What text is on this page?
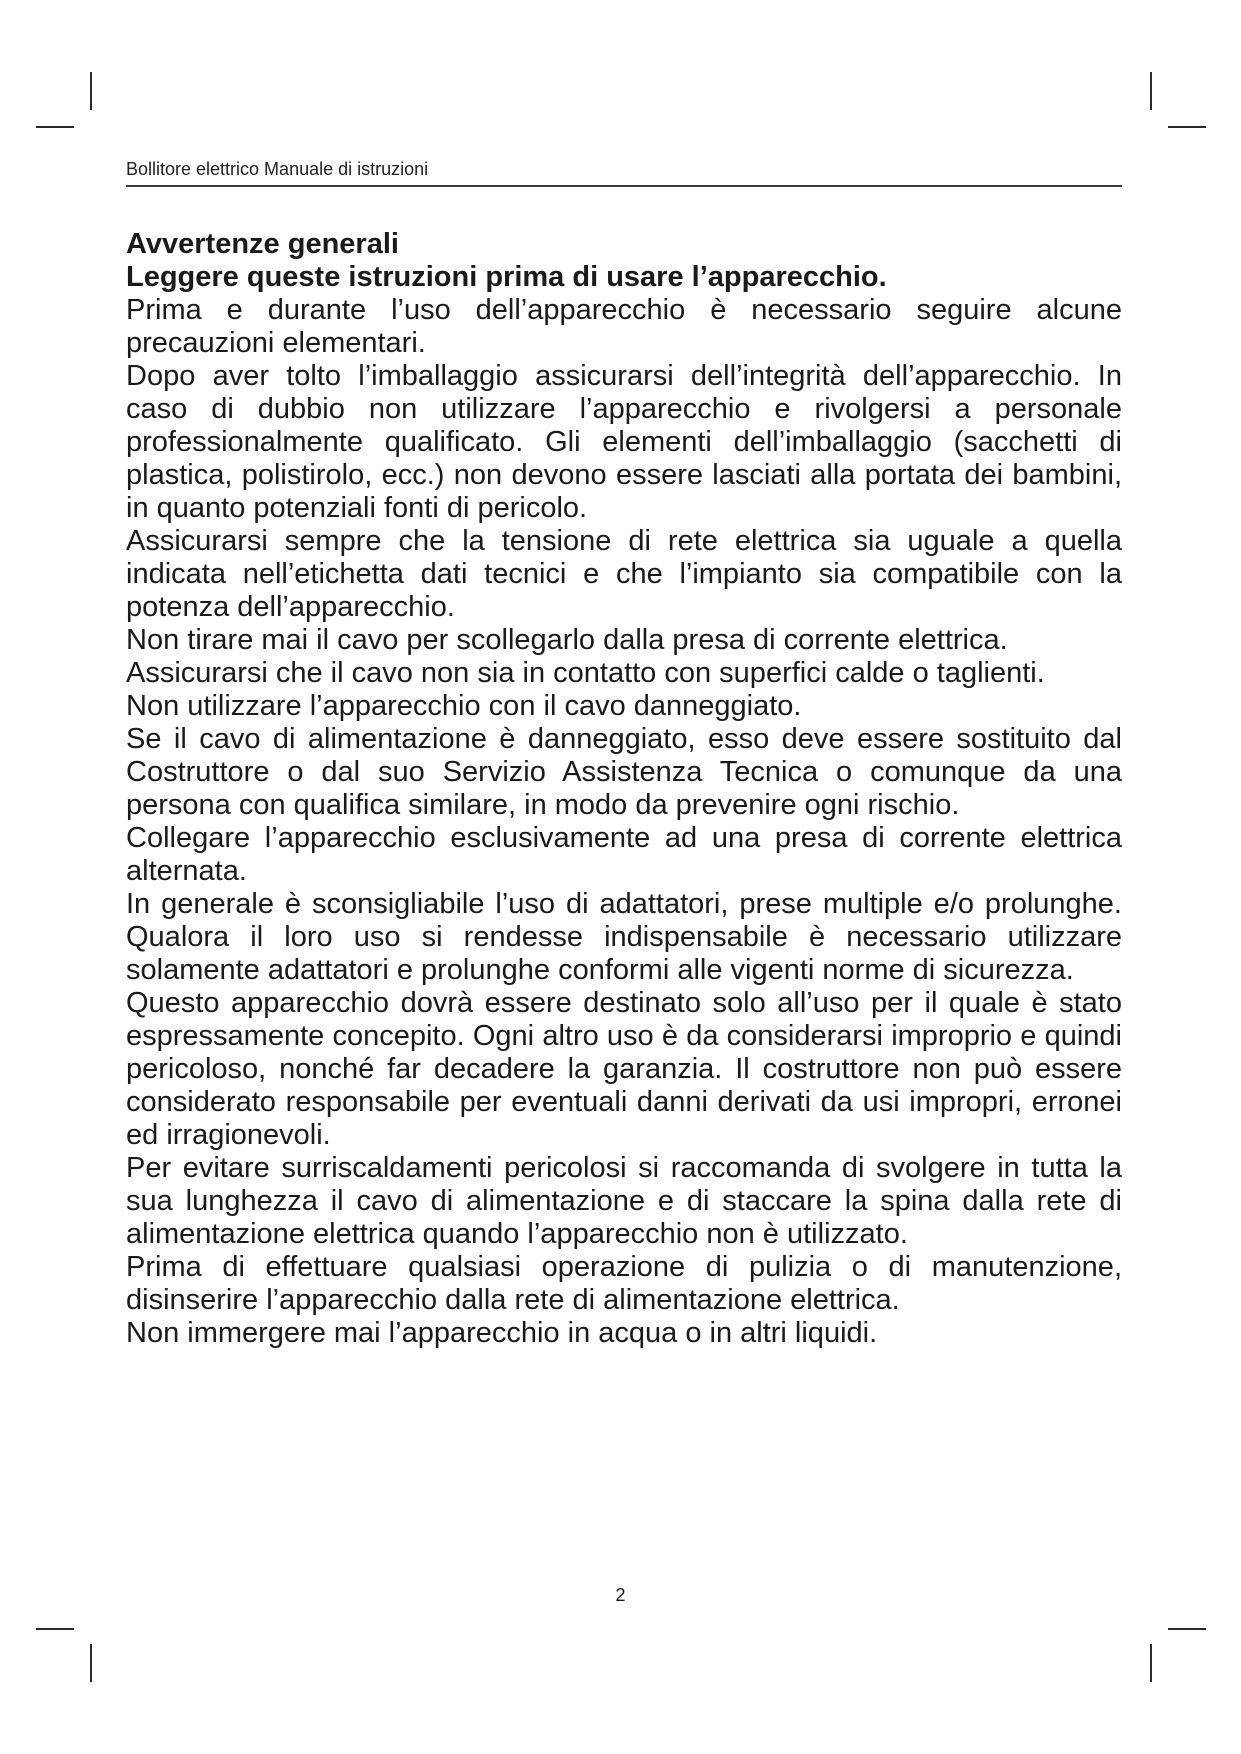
Bollitore elettrico Manuale di istruzioni
Avvertenze generali
Leggere queste istruzioni prima di usare l’apparecchio.

Prima e durante l’uso dell’apparecchio è necessario seguire alcune precauzioni elementari.

Dopo aver tolto l’imballaggio assicurarsi dell’integrità dell’apparecchio. In caso di dubbio non utilizzare l’apparecchio e rivolgersi a personale professionalmente qualificato. Gli elementi dell’imballaggio (sacchetti di plastica, polistirolo, ecc.) non devono essere lasciati alla portata dei bambini, in quanto potenziali fonti di pericolo.

Assicurarsi sempre che la tensione di rete elettrica sia uguale a quella indicata nell’etichetta dati tecnici e che l’impianto sia compatibile con la potenza dell’apparecchio.

Non tirare mai il cavo per scollegarlo dalla presa di corrente elettrica.

Assicurarsi che il cavo non sia in contatto con superfici calde o taglienti.

Non utilizzare l’apparecchio con il cavo danneggiato.

Se il cavo di alimentazione è danneggiato, esso deve essere sostituito dal Costruttore o dal suo Servizio Assistenza Tecnica o comunque da una persona con qualifica similare, in modo da prevenire ogni rischio.

Collegare l’apparecchio esclusivamente ad una presa di corrente elettrica alternata.

In generale è sconsigliabile l’uso di adattatori, prese multiple e/o prolunghe. Qualora il loro uso si rendesse indispensabile è necessario utilizzare solamente adattatori e prolunghe conformi alle vigenti norme di sicurezza.

Questo apparecchio dovrà essere destinato solo all’uso per il quale è stato espressamente concepito. Ogni altro uso è da considerarsi improprio e quindi pericoloso, nonché far decadere la garanzia. Il costruttore non può essere considerato responsabile per eventuali danni derivati da usi impropri, erronei ed irragionevoli.

Per evitare surriscaldamenti pericolosi si raccomanda di svolgere in tutta la sua lunghezza il cavo di alimentazione e di staccare la spina dalla rete di alimentazione elettrica quando l’apparecchio non è utilizzato.

Prima di effettuare qualsiasi operazione di pulizia o di manutenzione, disinserire l’apparecchio dalla rete di alimentazione elettrica.

Non immergere mai l’apparecchio in acqua o in altri liquidi.

2
